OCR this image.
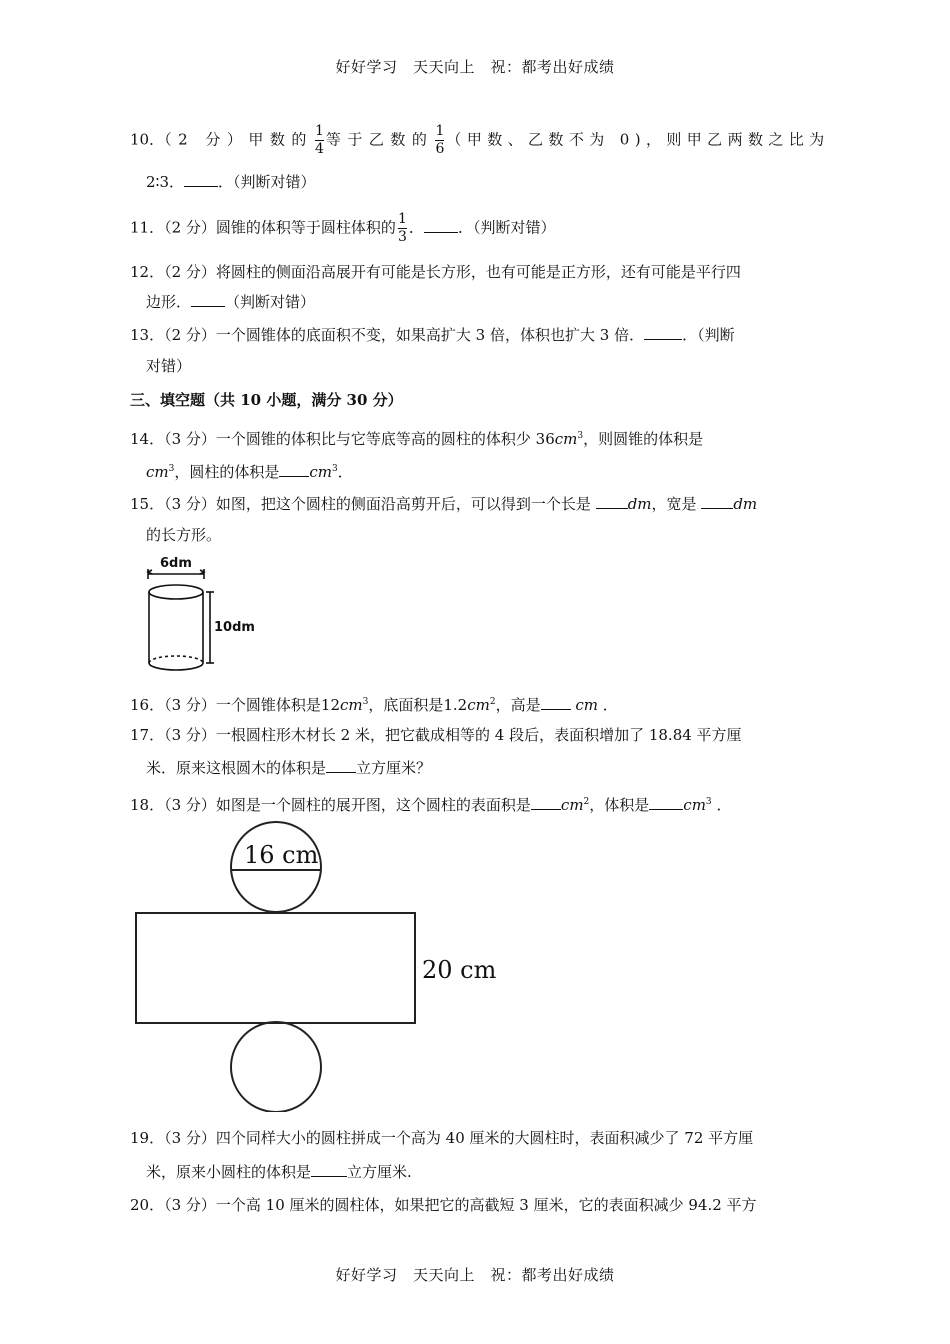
好好学习　天天向上　祝：都考出好成绩
10．（2 分）甲数的 $\frac{1}{4}$ 等于乙数的 $\frac{1}{6}$ （甲数、乙数不为 0)，则甲乙两数之比为
2∶3． ．（判断对错）
11．（2 分）圆锥的体积等于圆柱体积的 $\frac{1}{3}$ ． ．（判断对错）
12．（2 分）将圆柱的侧面沿高展开有可能是长方形，也有可能是正方形，还有可能是平行四
边形． （判断对错）
13．（2 分）一个圆锥体的底面积不变，如果高扩大 3 倍，体积也扩大 3 倍．	．（判断
对错）
三、填空题（共 10 小题，满分 30 分）
14．（3 分）一个圆锥的体积比与它等底等高的圆柱的体积少 $36cm^3$，则圆锥的体积是
$cm^3$，圆柱的体积是 $cm^3$．
15．（3 分）如图，把这个圆柱的侧面沿高剪开后，可以得到一个长是 dm，宽是 dm
的长方形。
6dm
10dm
16．（3 分）一个圆锥体积是$12cm^3$，底面积是$1.2cm^2$，高是 cm ．
17．（3 分）一根圆柱形木材长 2 米，把它截成相等的 4 段后，表面积增加了 18.84 平方厘
米．原来这根圆木的体积是 立方厘米？
18．（3 分）如图是一个圆柱的展开图，这个圆柱的表面积是 $cm^2$，体积是 $cm^3$ ．
16 cm
20 cm
19．（3 分）四个同样大小的圆柱拼成一个高为 40 厘米的大圆柱时，表面积减少了 72 平方厘
米，原来小圆柱的体积是 立方厘米.
20．（3 分）一个高 10 厘米的圆柱体，如果把它的高截短 3 厘米，它的表面积减少 94.2 平方
好好学习　天天向上　祝：都考出好成绩
